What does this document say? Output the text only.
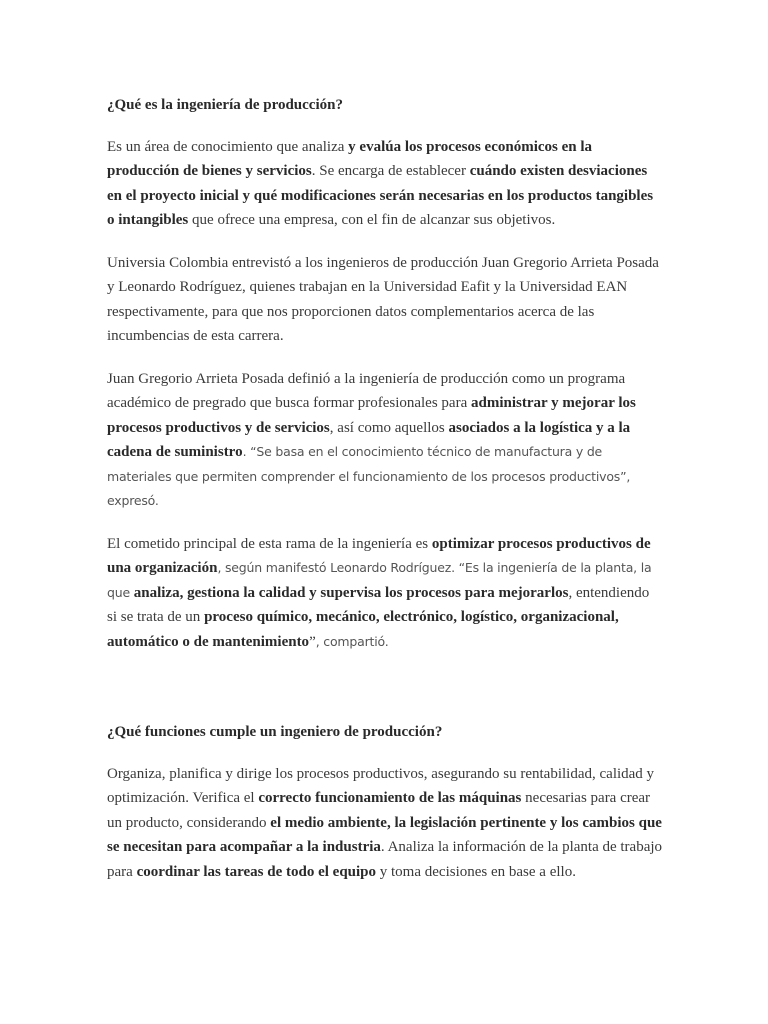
¿Qué es la ingeniería de producción?

Es un área de conocimiento que analiza y evalúa los procesos económicos en la producción de bienes y servicios. Se encarga de establecer cuándo existen desviaciones en el proyecto inicial y qué modificaciones serán necesarias en los productos tangibles o intangibles que ofrece una empresa, con el fin de alcanzar sus objetivos.

Universia Colombia entrevistó a los ingenieros de producción Juan Gregorio Arrieta Posada y Leonardo Rodríguez, quienes trabajan en la Universidad Eafit y la Universidad EAN respectivamente, para que nos proporcionen datos complementarios acerca de las incumbencias de esta carrera.

Juan Gregorio Arrieta Posada definió a la ingeniería de producción como un programa académico de pregrado que busca formar profesionales para administrar y mejorar los procesos productivos y de servicios, así como aquellos asociados a la logística y a la cadena de suministro. “Se basa en el conocimiento técnico de manufactura y de materiales que permiten comprender el funcionamiento de los procesos productivos”, expresó.

El cometido principal de esta rama de la ingeniería es optimizar procesos productivos de una organización, según manifestó Leonardo Rodríguez. “Es la ingeniería de la planta, la que analiza, gestiona la calidad y supervisa los procesos para mejorarlos, entendiendo si se trata de un proceso químico, mecánico, electrónico, logístico, organizacional, automático o de mantenimiento”, compartió.

¿Qué funciones cumple un ingeniero de producción?

Organiza, planifica y dirige los procesos productivos, asegurando su rentabilidad, calidad y optimización. Verifica el correcto funcionamiento de las máquinas necesarias para crear un producto, considerando el medio ambiente, la legislación pertinente y los cambios que se necesitan para acompañar a la industria. Analiza la información de la planta de trabajo para coordinar las tareas de todo el equipo y toma decisiones en base a ello.
